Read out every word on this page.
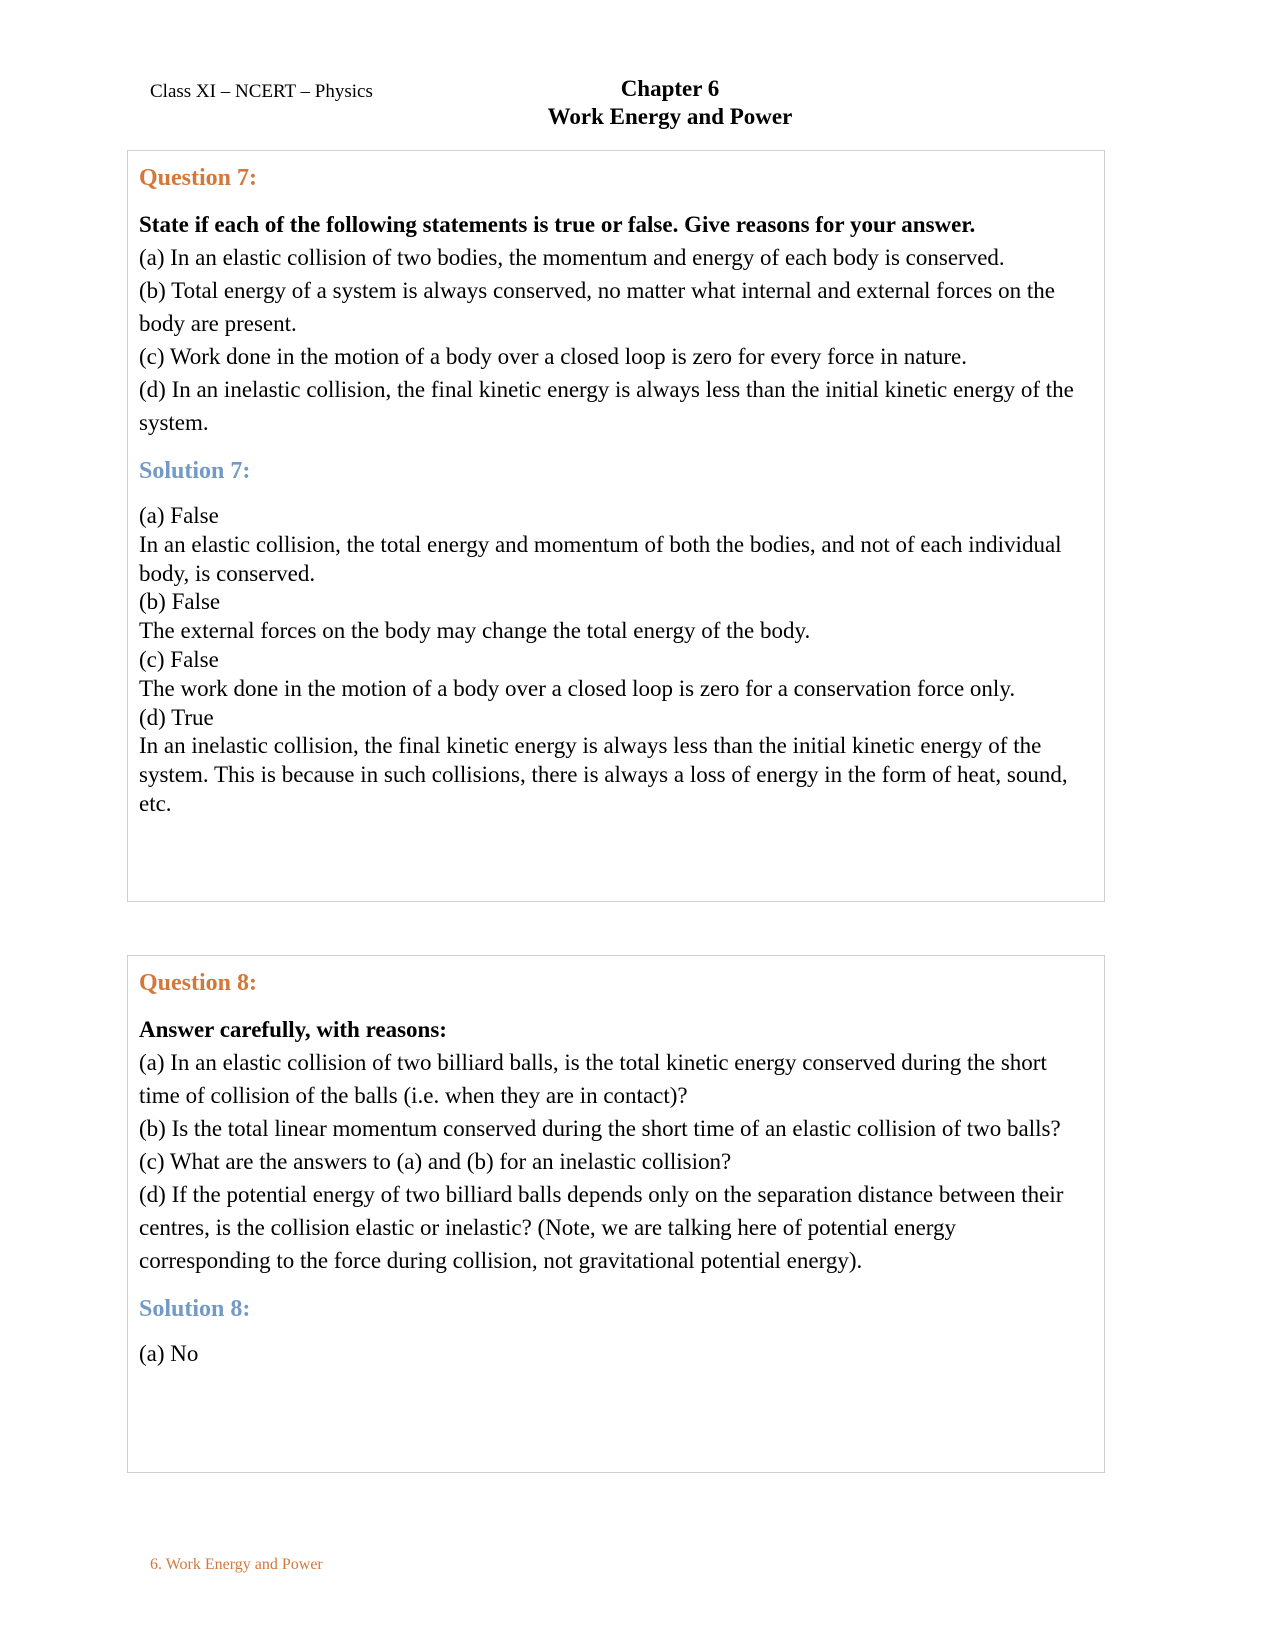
Class XI – NCERT – Physics	Chapter 6
Work Energy and Power
Question 7:
State if each of the following statements is true or false. Give reasons for your answer.
(a) In an elastic collision of two bodies, the momentum and energy of each body is conserved.
(b) Total energy of a system is always conserved, no matter what internal and external forces on the body are present.
(c) Work done in the motion of a body over a closed loop is zero for every force in nature.
(d) In an inelastic collision, the final kinetic energy is always less than the initial kinetic energy of the system.
Solution 7:
(a) False
In an elastic collision, the total energy and momentum of both the bodies, and not of each individual body, is conserved.
(b) False
The external forces on the body may change the total energy of the body.
(c) False
The work done in the motion of a body over a closed loop is zero for a conservation force only.
(d) True
In an inelastic collision, the final kinetic energy is always less than the initial kinetic energy of the system. This is because in such collisions, there is always a loss of energy in the form of heat, sound, etc.
Question 8:
Answer carefully, with reasons:
(a) In an elastic collision of two billiard balls, is the total kinetic energy conserved during the short time of collision of the balls (i.e. when they are in contact)?
(b) Is the total linear momentum conserved during the short time of an elastic collision of two balls?
(c) What are the answers to (a) and (b) for an inelastic collision?
(d) If the potential energy of two billiard balls depends only on the separation distance between their centres, is the collision elastic or inelastic? (Note, we are talking here of potential energy corresponding to the force during collision, not gravitational potential energy).
Solution 8:
(a) No
6. Work Energy and Power
